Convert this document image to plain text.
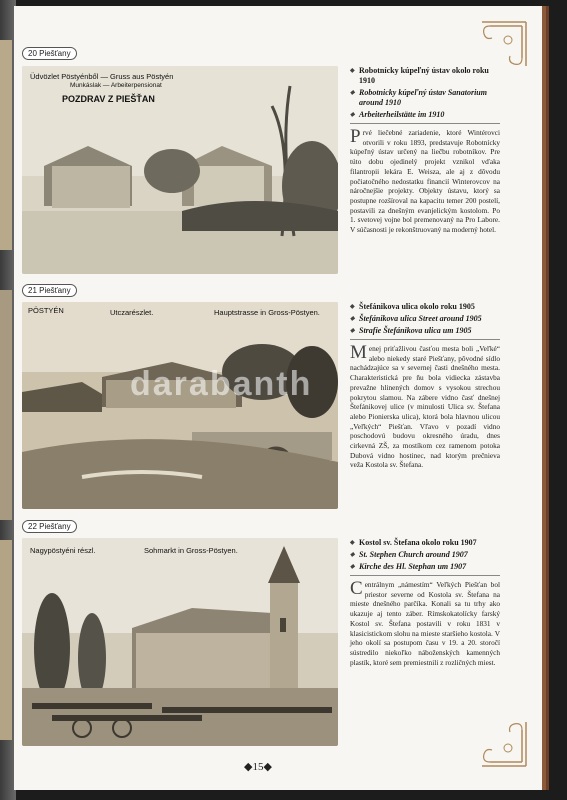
20 Piešťany
Üdvözlet Pöstyénből — Gruss aus Pöstyén
Munkáslak — Arbeiterpensionat
POZDRAV Z PIEŠŤAN
◆ Robotnícky kúpeľný ústav okolo roku 1910
◆ Robotnicky kúpeľný ústav Sanatorium around 1910
◆ Arbeiterheilstätte im 1910
Prvé liečebné zariadenie, ktoré Wintérovci otvorili v roku 1893, predstavuje Robotnícky kúpeľný ústav určený na liečbu robotníkov. Pre túto dobu ojedinelý projekt vznikol vďaka filantropii lekára E. Weisza, ale aj z dôvodu počiatočného nedostatku financií Winterovcov na náročnejšie projekty. Objekty ústavu, ktorý sa postupne rozšíroval na kapacitu temer 200 postelí, postavili za dnešným evanjelickým kostolom. Po 1. svetovej vojne bol premenovaný na Pro Labore. V súčasnosti je rekonštruovaný na moderný hotel.
21 Piešťany
PÖSTYÉN	Utczarészlet.	Hauptstrasse in Gross-Pöstyen.
◆ Štefánikova ulica okolo roku 1905
◆ Štefánikova ulica Street around 1905
◆ Strafie Štefánikova ulica um 1905
Menej priťažlivou časťou mesta boli „Veľké“ alebo niekedy staré Piešťany, pôvodné sídlo nachádzajúce sa v severnej časti dnešného mesta. Charakteristická pre ňu bola vidiecka zástavba prevažne hlinených domov s vysokou strechou pokrytou slamou. Na zábere vidno časť dnešnej Štefánikovej ulice (v minulosti Ulica sv. Štefana alebo Pionierska ulica), ktorá bola hlavnou ulicou „Veľkých“ Piešťan. Vľavo v pozadí vidno poschodovú budovu okresného úradu, dnes cirkevná ZŠ, za mostíkom cez ramenom potoka Dubová vidno hostinec, nad ktorým prečnieva veža Kostola sv. Štefana.
22 Piešťany
Nagypöstyéni részl.	Sohmarkt in Gross-Pöstyen.
◆ Kostol sv. Štefana okolo roku 1907
◆ St. Stephen Church around 1907
◆ Kirche des Hl. Stephan um 1907
Centrálnym „námestím“ Veľkých Piešťan bol priestor severne od Kostola sv. Štefana na mieste dnešného parčíka. Konali sa tu trhy ako ukazuje aj tento záber. Rímskokatolícky farský Kostol sv. Štefana postavili v roku 1831 v klasicistickom slohu na mieste staršieho kostola. V jeho okolí sa postupom času v 19. a 20. storočí sústredilo niekoľko náboženských kamenných plastík, ktoré sem premiestnili z rozličných miest.
◆15◆
darabanth
